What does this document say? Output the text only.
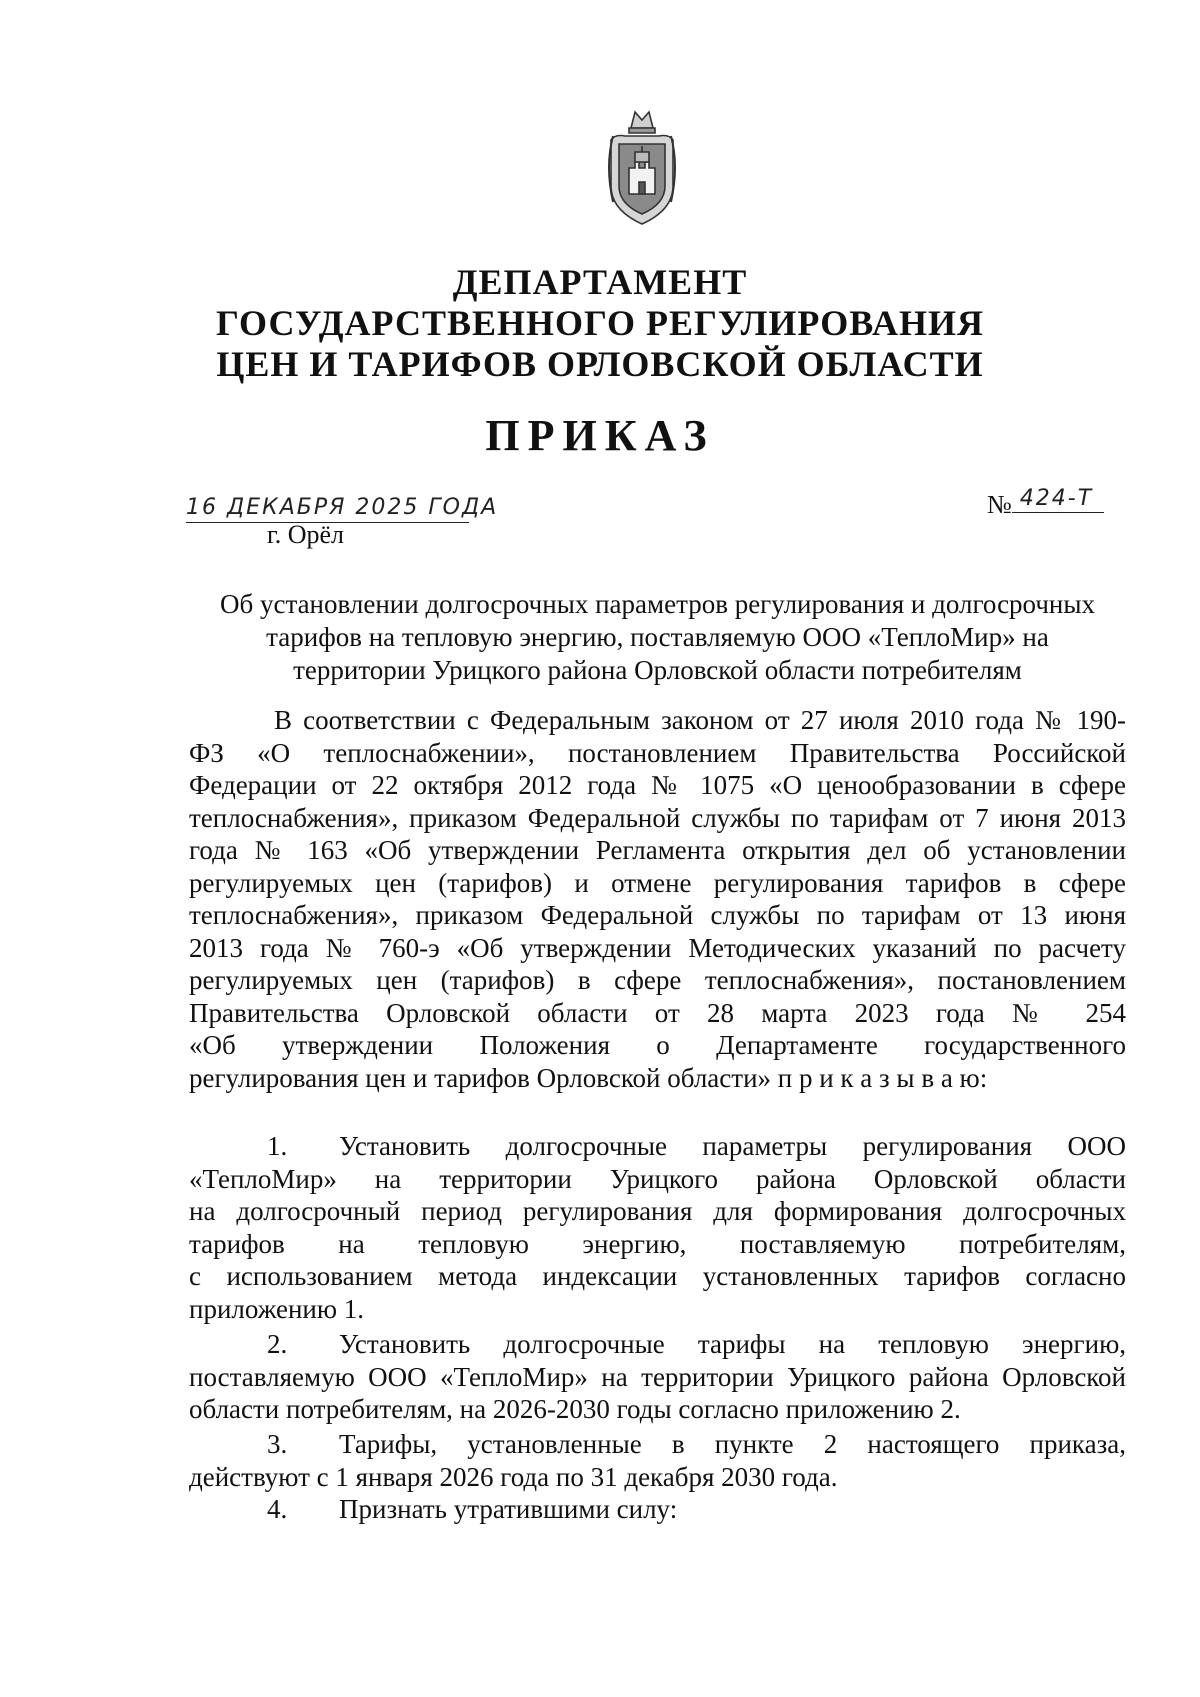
ДЕПАРТАМЕНТ
ГОСУДАРСТВЕННОГО РЕГУЛИРОВАНИЯ
ЦЕН И ТАРИФОВ ОРЛОВСКОЙ ОБЛАСТИ
ПРИКАЗ
16 ДЕКАБРЯ 2025 ГОДА
г. Орёл
№ 424-Т
Об установлении долгосрочных параметров регулирования и долгосрочных
тарифов на тепловую энергию, поставляемую ООО «ТеплоМир» на
территории Урицкого района Орловской области потребителям
В соответствии с Федеральным законом от 27 июля 2010 года № 190-
ФЗ «О теплоснабжении», постановлением Правительства Российской
Федерации от 22 октября 2012 года № 1075 «О ценообразовании в сфере
теплоснабжения», приказом Федеральной службы по тарифам от 7 июня 2013
года № 163 «Об утверждении Регламента открытия дел об установлении
регулируемых цен (тарифов) и отмене регулирования тарифов в сфере
теплоснабжения», приказом Федеральной службы по тарифам от 13 июня
2013 года № 760-э «Об утверждении Методических указаний по расчету
регулируемых цен (тарифов) в сфере теплоснабжения», постановлением
Правительства Орловской области от 28 марта 2023 года № 254
«Об утверждении Положения о Департаменте государственного
регулирования цен и тарифов Орловской области» п р и к а з ы в а ю:
1. Установить долгосрочные параметры регулирования ООО
«ТеплоМир» на территории Урицкого района Орловской области
на долгосрочный период регулирования для формирования долгосрочных
тарифов на тепловую энергию, поставляемую потребителям,
с использованием метода индексации установленных тарифов согласно
приложению 1.
2. Установить долгосрочные тарифы на тепловую энергию,
поставляемую ООО «ТеплоМир» на территории Урицкого района Орловской
области потребителям, на 2026-2030 годы согласно приложению 2.
3. Тарифы, установленные в пункте 2 настоящего приказа,
действуют с 1 января 2026 года по 31 декабря 2030 года.
4. Признать утратившими силу:
